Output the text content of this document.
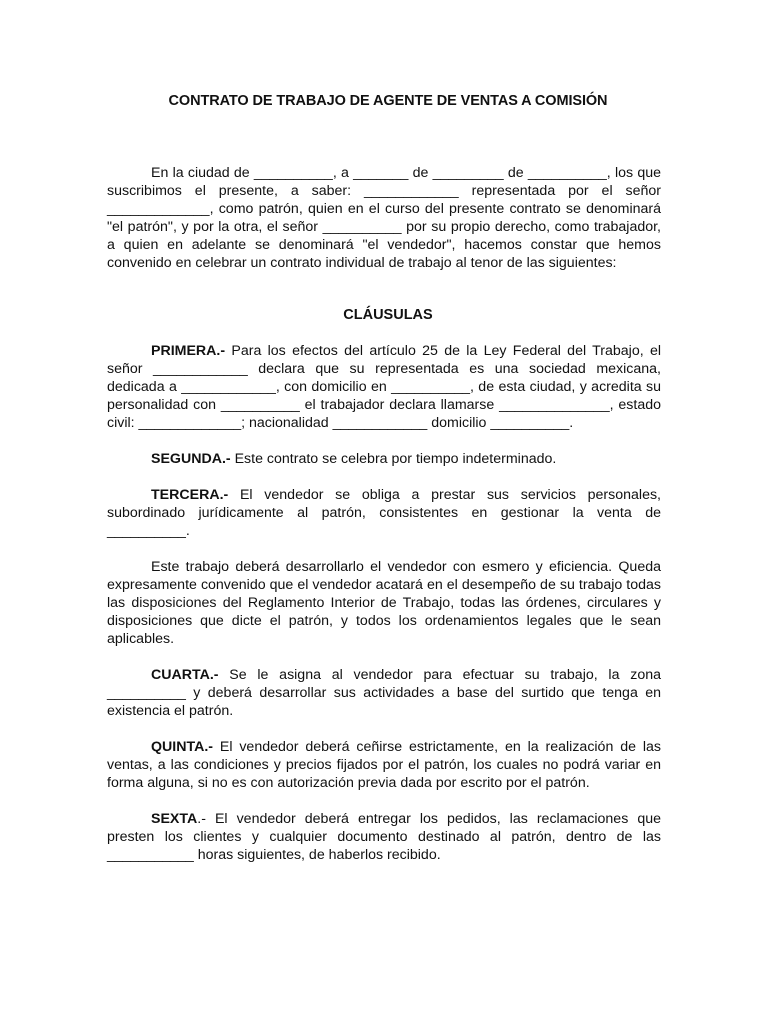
CONTRATO DE TRABAJO DE AGENTE DE VENTAS A COMISIÓN

En la ciudad de __________, a _______ de _________ de __________, los que suscribimos el presente, a saber: ____________ representada por el señor _____________, como patrón, quien en el curso del presente contrato se denominará "el patrón", y por la otra, el señor __________ por su propio derecho, como trabajador, a quien en adelante se denominará "el vendedor", hacemos constar que hemos convenido en celebrar un contrato individual de trabajo al tenor de las siguientes:

CLÁUSULAS

PRIMERA.- Para los efectos del artículo 25 de la Ley Federal del Trabajo, el señor ____________ declara que su representada es una sociedad mexicana, dedicada a ____________, con domicilio en __________, de esta ciudad, y acredita su personalidad con __________ el trabajador declara llamarse ______________, estado civil: _____________; nacionalidad ____________ domicilio __________.

SEGUNDA.- Este contrato se celebra por tiempo indeterminado.

TERCERA.- El vendedor se obliga a prestar sus servicios personales, subordinado jurídicamente al patrón, consistentes en gestionar la venta de __________.

Este trabajo deberá desarrollarlo el vendedor con esmero y eficiencia. Queda expresamente convenido que el vendedor acatará en el desempeño de su trabajo todas las disposiciones del Reglamento Interior de Trabajo, todas las órdenes, circulares y disposiciones que dicte el patrón, y todos los ordenamientos legales que le sean aplicables.

CUARTA.- Se le asigna al vendedor para efectuar su trabajo, la zona __________ y deberá desarrollar sus actividades a base del surtido que tenga en existencia el patrón.

QUINTA.- El vendedor deberá ceñirse estrictamente, en la realización de las ventas, a las condiciones y precios fijados por el patrón, los cuales no podrá variar en forma alguna, si no es con autorización previa dada por escrito por el patrón.

SEXTA.- El vendedor deberá entregar los pedidos, las reclamaciones que presten los clientes y cualquier documento destinado al patrón, dentro de las ___________ horas siguientes, de haberlos recibido.
